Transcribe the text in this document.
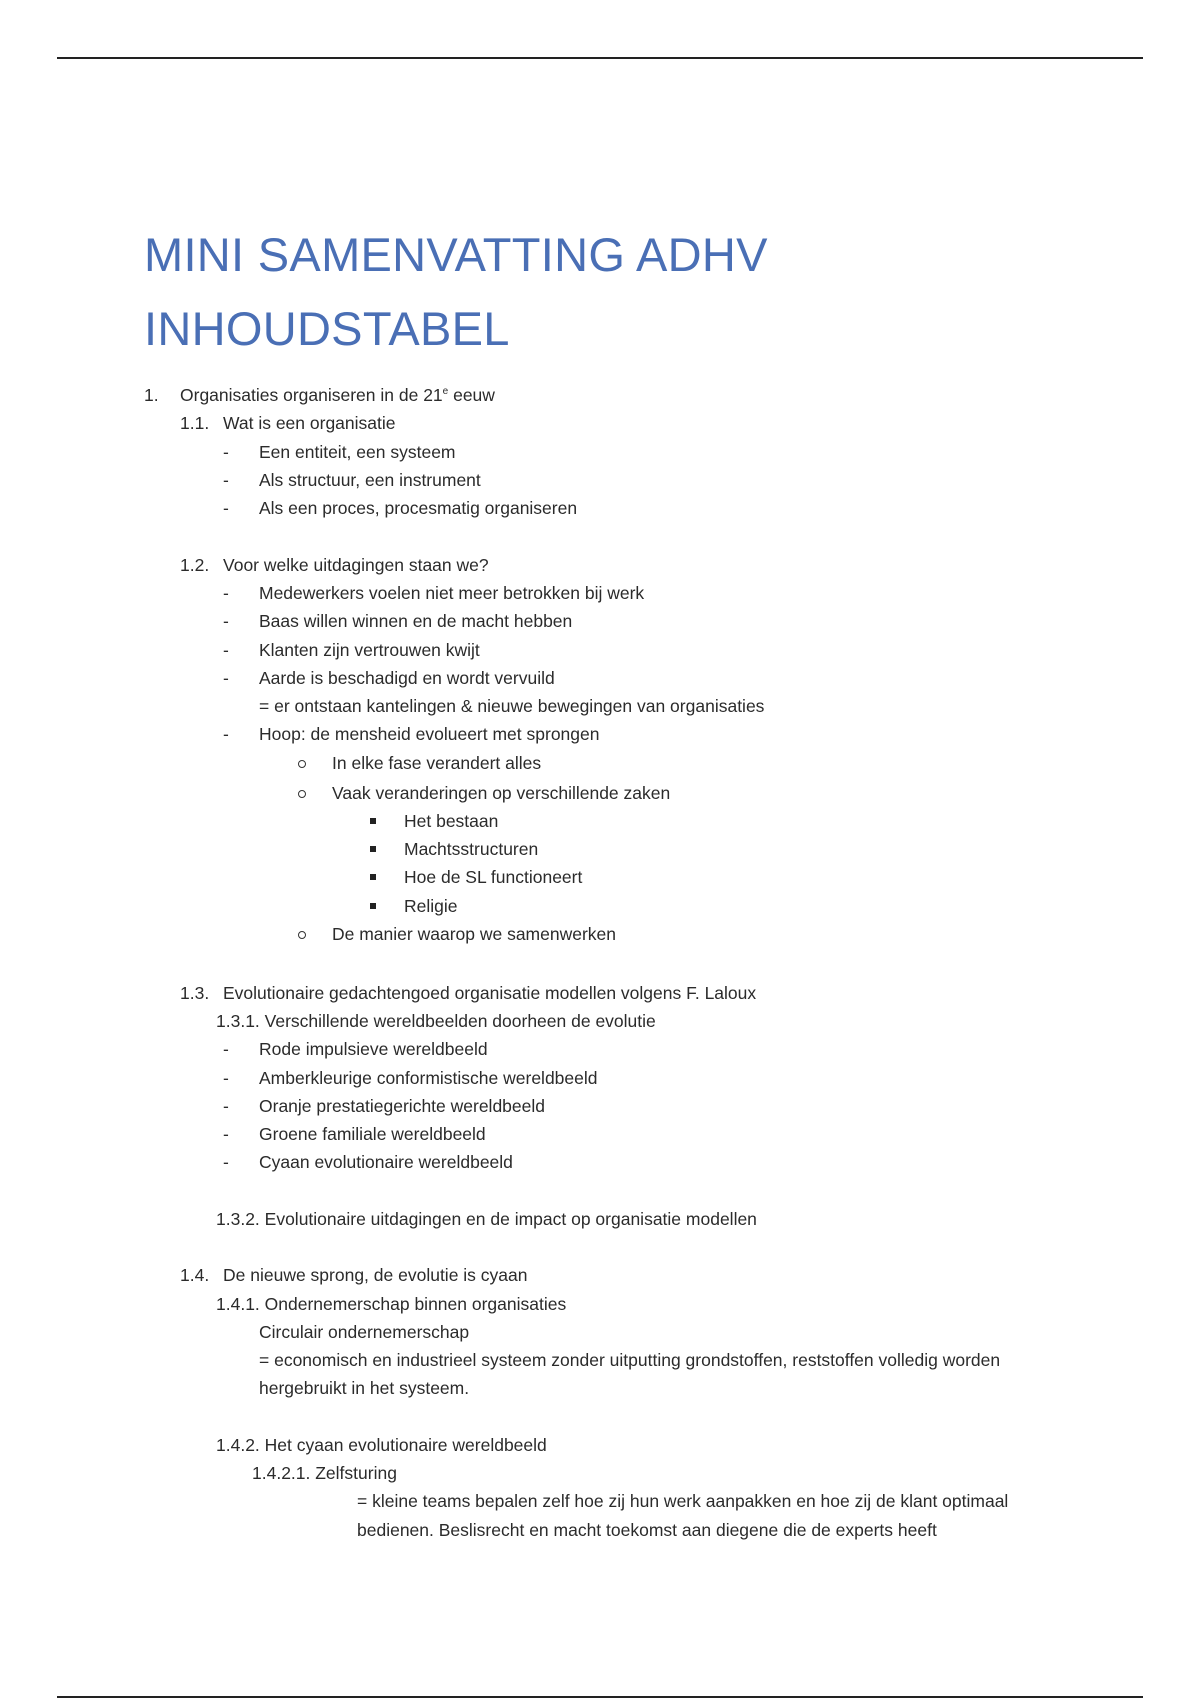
MINI SAMENVATTING ADHV
INHOUDSTABEL
1. Organisaties organiseren in de 21e eeuw
1.1. Wat is een organisatie
- Een entiteit, een systeem
- Als structuur, een instrument
- Als een proces, procesmatig organiseren
1.2. Voor welke uitdagingen staan we?
- Medewerkers voelen niet meer betrokken bij werk
- Baas willen winnen en de macht hebben
- Klanten zijn vertrouwen kwijt
- Aarde is beschadigd en wordt vervuild
= er ontstaan kantelingen & nieuwe bewegingen van organisaties
- Hoop: de mensheid evolueert met sprongen
In elke fase verandert alles
Vaak veranderingen op verschillende zaken
Het bestaan
Machtsstructuren
Hoe de SL functioneert
Religie
De manier waarop we samenwerken
1.3. Evolutionaire gedachtengoed organisatie modellen volgens F. Laloux
1.3.1. Verschillende wereldbeelden doorheen de evolutie
- Rode impulsieve wereldbeeld
- Amberkleurige conformistische wereldbeeld
- Oranje prestatiegerichte wereldbeeld
- Groene familiale wereldbeeld
- Cyaan evolutionaire wereldbeeld
1.3.2. Evolutionaire uitdagingen en de impact op organisatie modellen
1.4. De nieuwe sprong, de evolutie is cyaan
1.4.1. Ondernemerschap binnen organisaties
Circulair ondernemerschap
= economisch en industrieel systeem zonder uitputting grondstoffen, reststoffen volledig worden
hergebruikt in het systeem.
1.4.2. Het cyaan evolutionaire wereldbeeld
1.4.2.1. Zelfsturing
= kleine teams bepalen zelf hoe zij hun werk aanpakken en hoe zij de klant optimaal
bedienen. Beslisrecht en macht toekomst aan diegene die de experts heeft
